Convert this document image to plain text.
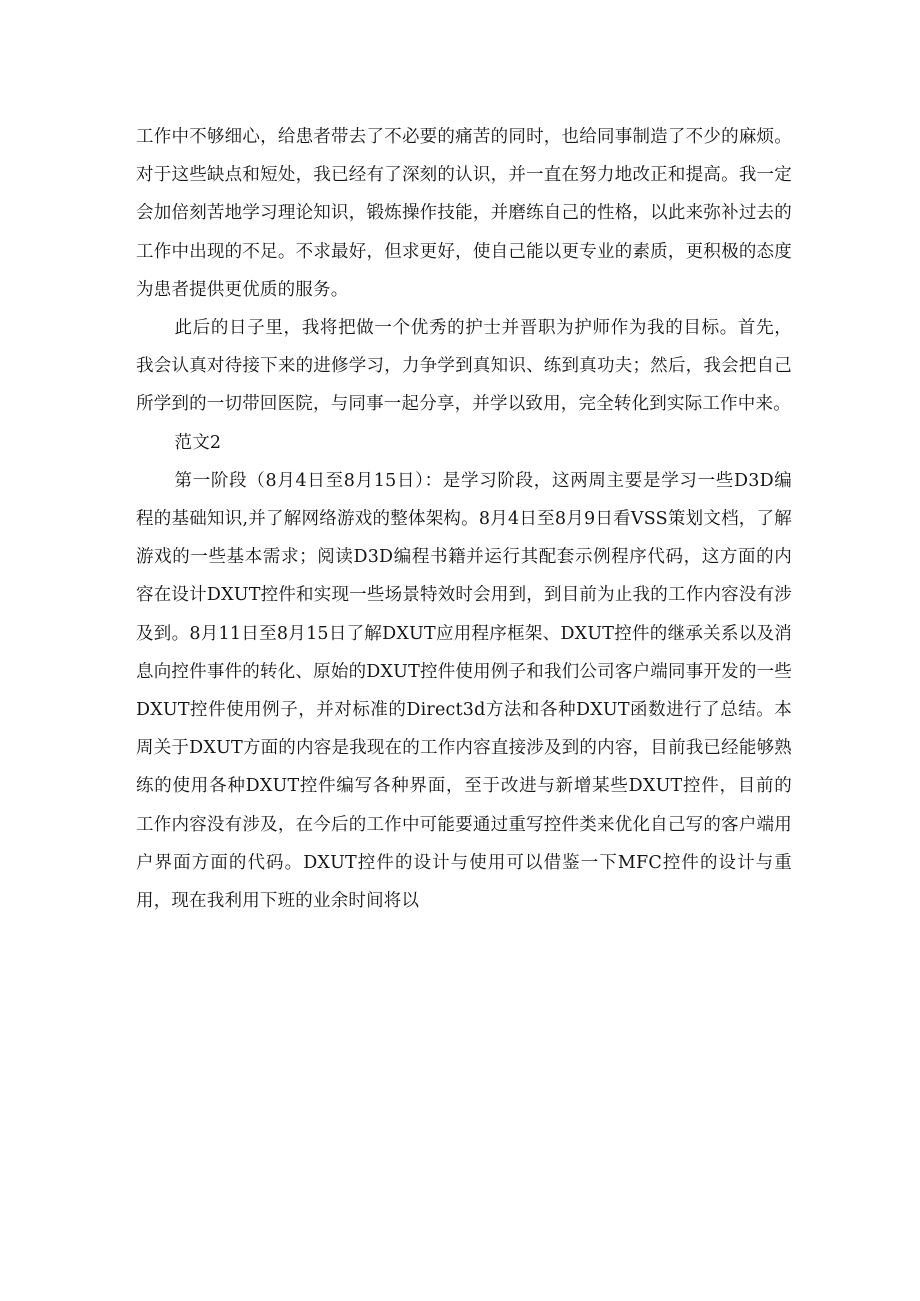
工作中不够细心，给患者带去了不必要的痛苦的同时，也给同事制造了不少的麻烦。对于这些缺点和短处，我已经有了深刻的认识，并一直在努力地改正和提高。我一定会加倍刻苦地学习理论知识，锻炼操作技能，并磨练自己的性格，以此来弥补过去的工作中出现的不足。不求最好，但求更好，使自己能以更专业的素质，更积极的态度为患者提供更优质的服务。

此后的日子里，我将把做一个优秀的护士并晋职为护师作为我的目标。首先，我会认真对待接下来的进修学习，力争学到真知识、练到真功夫；然后，我会把自己所学到的一切带回医院，与同事一起分享，并学以致用，完全转化到实际工作中来。

范文2

第一阶段（8月4日至8月15日）：是学习阶段，这两周主要是学习一些D3D编程的基础知识,并了解网络游戏的整体架构。8月4日至8月9日看VSS策划文档，了解游戏的一些基本需求；阅读D3D编程书籍并运行其配套示例程序代码，这方面的内容在设计DXUT控件和实现一些场景特效时会用到，到目前为止我的工作内容没有涉及到。8月11日至8月15日了解DXUT应用程序框架、DXUT控件的继承关系以及消息向控件事件的转化、原始的DXUT控件使用例子和我们公司客户端同事开发的一些DXUT控件使用例子，并对标准的Direct3d方法和各种DXUT函数进行了总结。本周关于DXUT方面的内容是我现在的工作内容直接涉及到的内容，目前我已经能够熟练的使用各种DXUT控件编写各种界面，至于改进与新增某些DXUT控件，目前的工作内容没有涉及，在今后的工作中可能要通过重写控件类来优化自己写的客户端用户界面方面的代码。DXUT控件的设计与使用可以借鉴一下MFC控件的设计与重用，现在我利用下班的业余时间将以
